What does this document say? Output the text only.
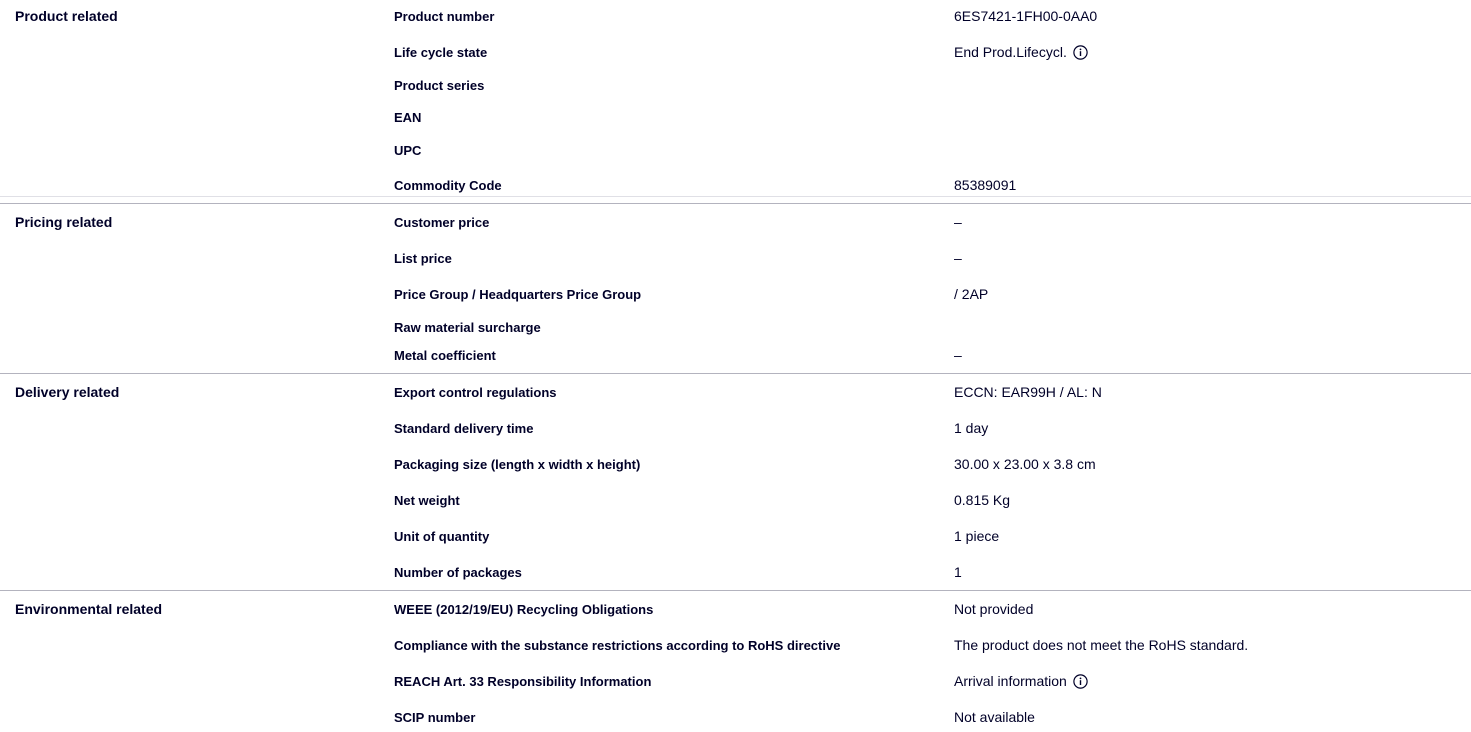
Product related	Product number	6ES7421-1FH00-0AA0
Life cycle state	End Prod.Lifecycl.
Product series
EAN
UPC
Commodity Code	85389091
Pricing related	Customer price	–
List price	–
Price Group / Headquarters Price Group	/ 2AP
Raw material surcharge
Metal coefficient	–
Delivery related	Export control regulations	ECCN: EAR99H / AL: N
Standard delivery time	1 day
Packaging size (length x width x height)	30.00 x 23.00 x 3.8 cm
Net weight	0.815 Kg
Unit of quantity	1 piece
Number of packages	1
Environmental related	WEEE (2012/19/EU) Recycling Obligations	Not provided
Compliance with the substance restrictions according to RoHS directive	The product does not meet the RoHS standard.
REACH Art. 33 Responsibility Information	Arrival information
SCIP number	Not available
